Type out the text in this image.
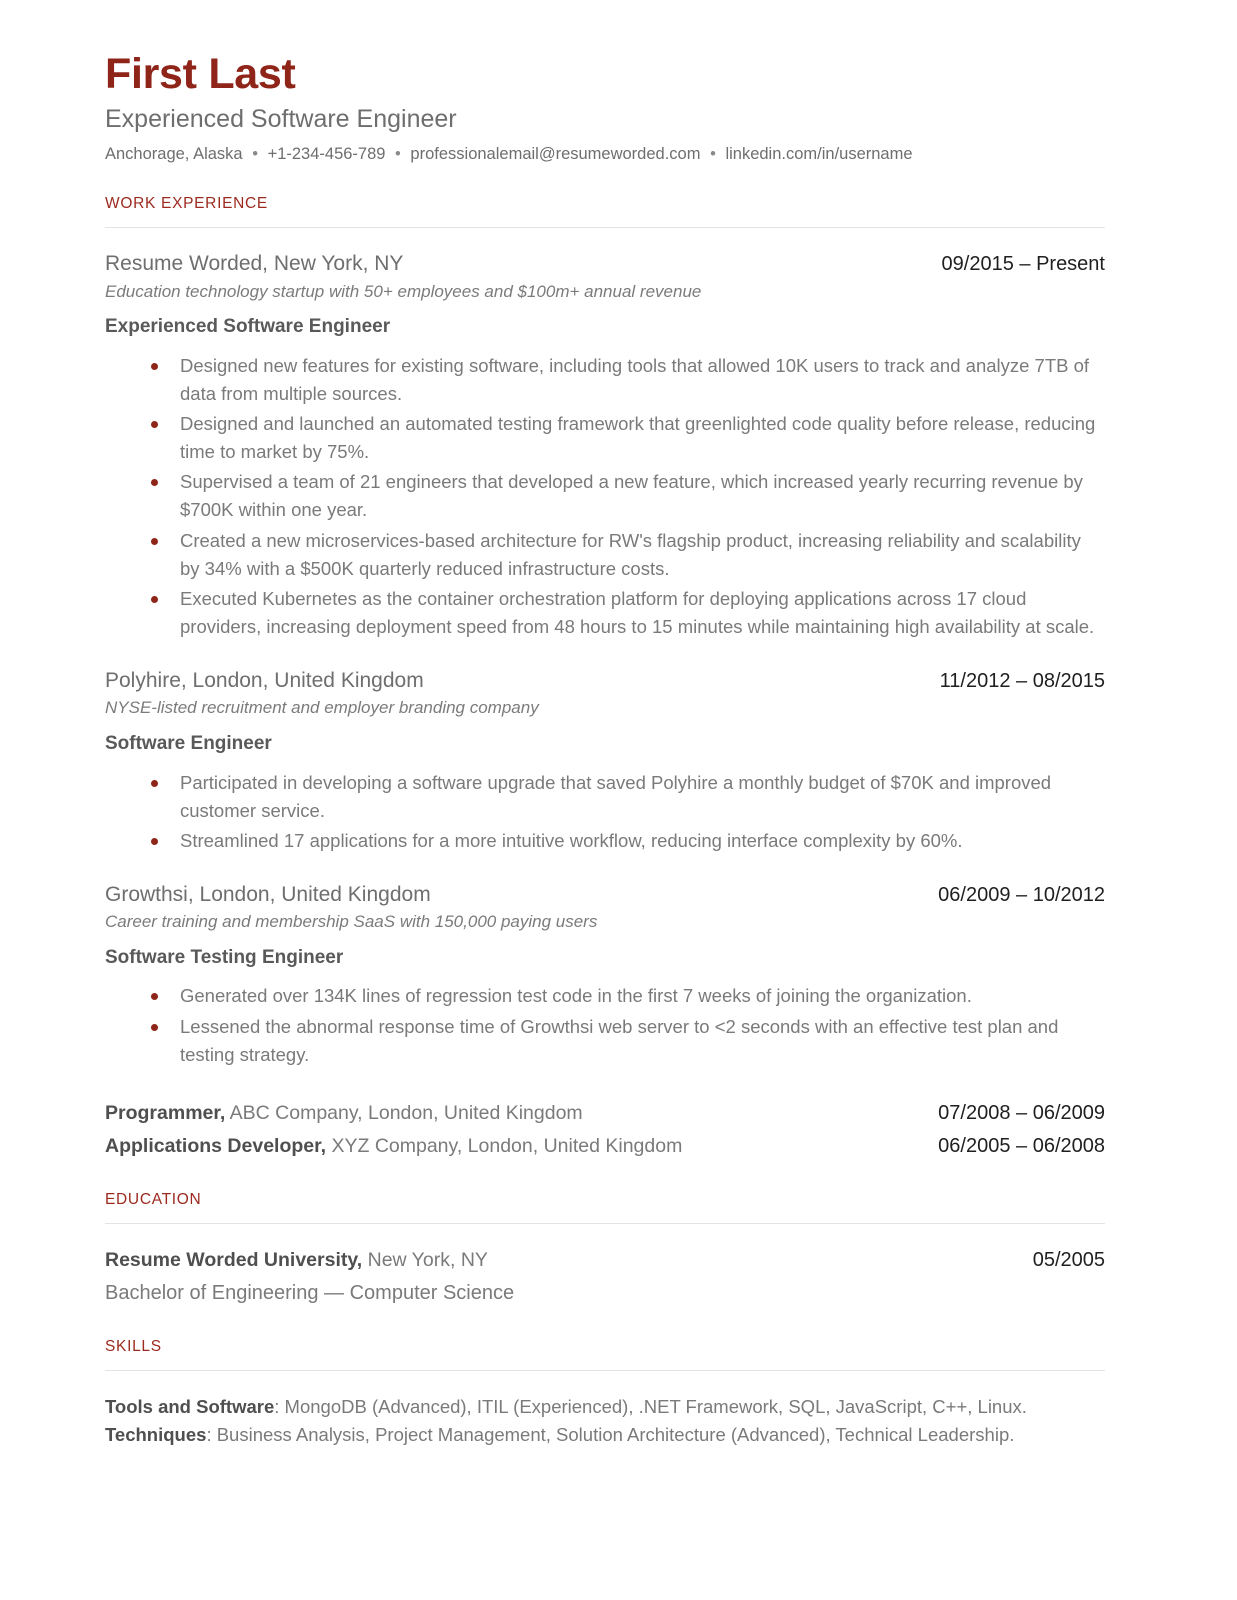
First Last
Experienced Software Engineer
Anchorage, Alaska • +1-234-456-789 • professionalemail@resumeworded.com • linkedin.com/in/username
WORK EXPERIENCE
Resume Worded, New York, NY	09/2015 – Present
Education technology startup with 50+ employees and $100m+ annual revenue
Experienced Software Engineer
Designed new features for existing software, including tools that allowed 10K users to track and analyze 7TB of data from multiple sources.
Designed and launched an automated testing framework that greenlighted code quality before release, reducing time to market by 75%.
Supervised a team of 21 engineers that developed a new feature, which increased yearly recurring revenue by $700K within one year.
Created a new microservices-based architecture for RW's flagship product, increasing reliability and scalability by 34% with a $500K quarterly reduced infrastructure costs.
Executed Kubernetes as the container orchestration platform for deploying applications across 17 cloud providers, increasing deployment speed from 48 hours to 15 minutes while maintaining high availability at scale.
Polyhire, London, United Kingdom	11/2012 – 08/2015
NYSE-listed recruitment and employer branding company
Software Engineer
Participated in developing a software upgrade that saved Polyhire a monthly budget of $70K and improved customer service.
Streamlined 17 applications for a more intuitive workflow, reducing interface complexity by 60%.
Growthsi, London, United Kingdom	06/2009 – 10/2012
Career training and membership SaaS with 150,000 paying users
Software Testing Engineer
Generated over 134K lines of regression test code in the first 7 weeks of joining the organization.
Lessened the abnormal response time of Growthsi web server to <2 seconds with an effective test plan and testing strategy.
Programmer, ABC Company, London, United Kingdom	07/2008 – 06/2009
Applications Developer, XYZ Company, London, United Kingdom	06/2005 – 06/2008
EDUCATION
Resume Worded University, New York, NY	05/2005
Bachelor of Engineering — Computer Science
SKILLS
Tools and Software: MongoDB (Advanced), ITIL (Experienced), .NET Framework, SQL, JavaScript, C++, Linux.
Techniques: Business Analysis, Project Management, Solution Architecture (Advanced), Technical Leadership.
